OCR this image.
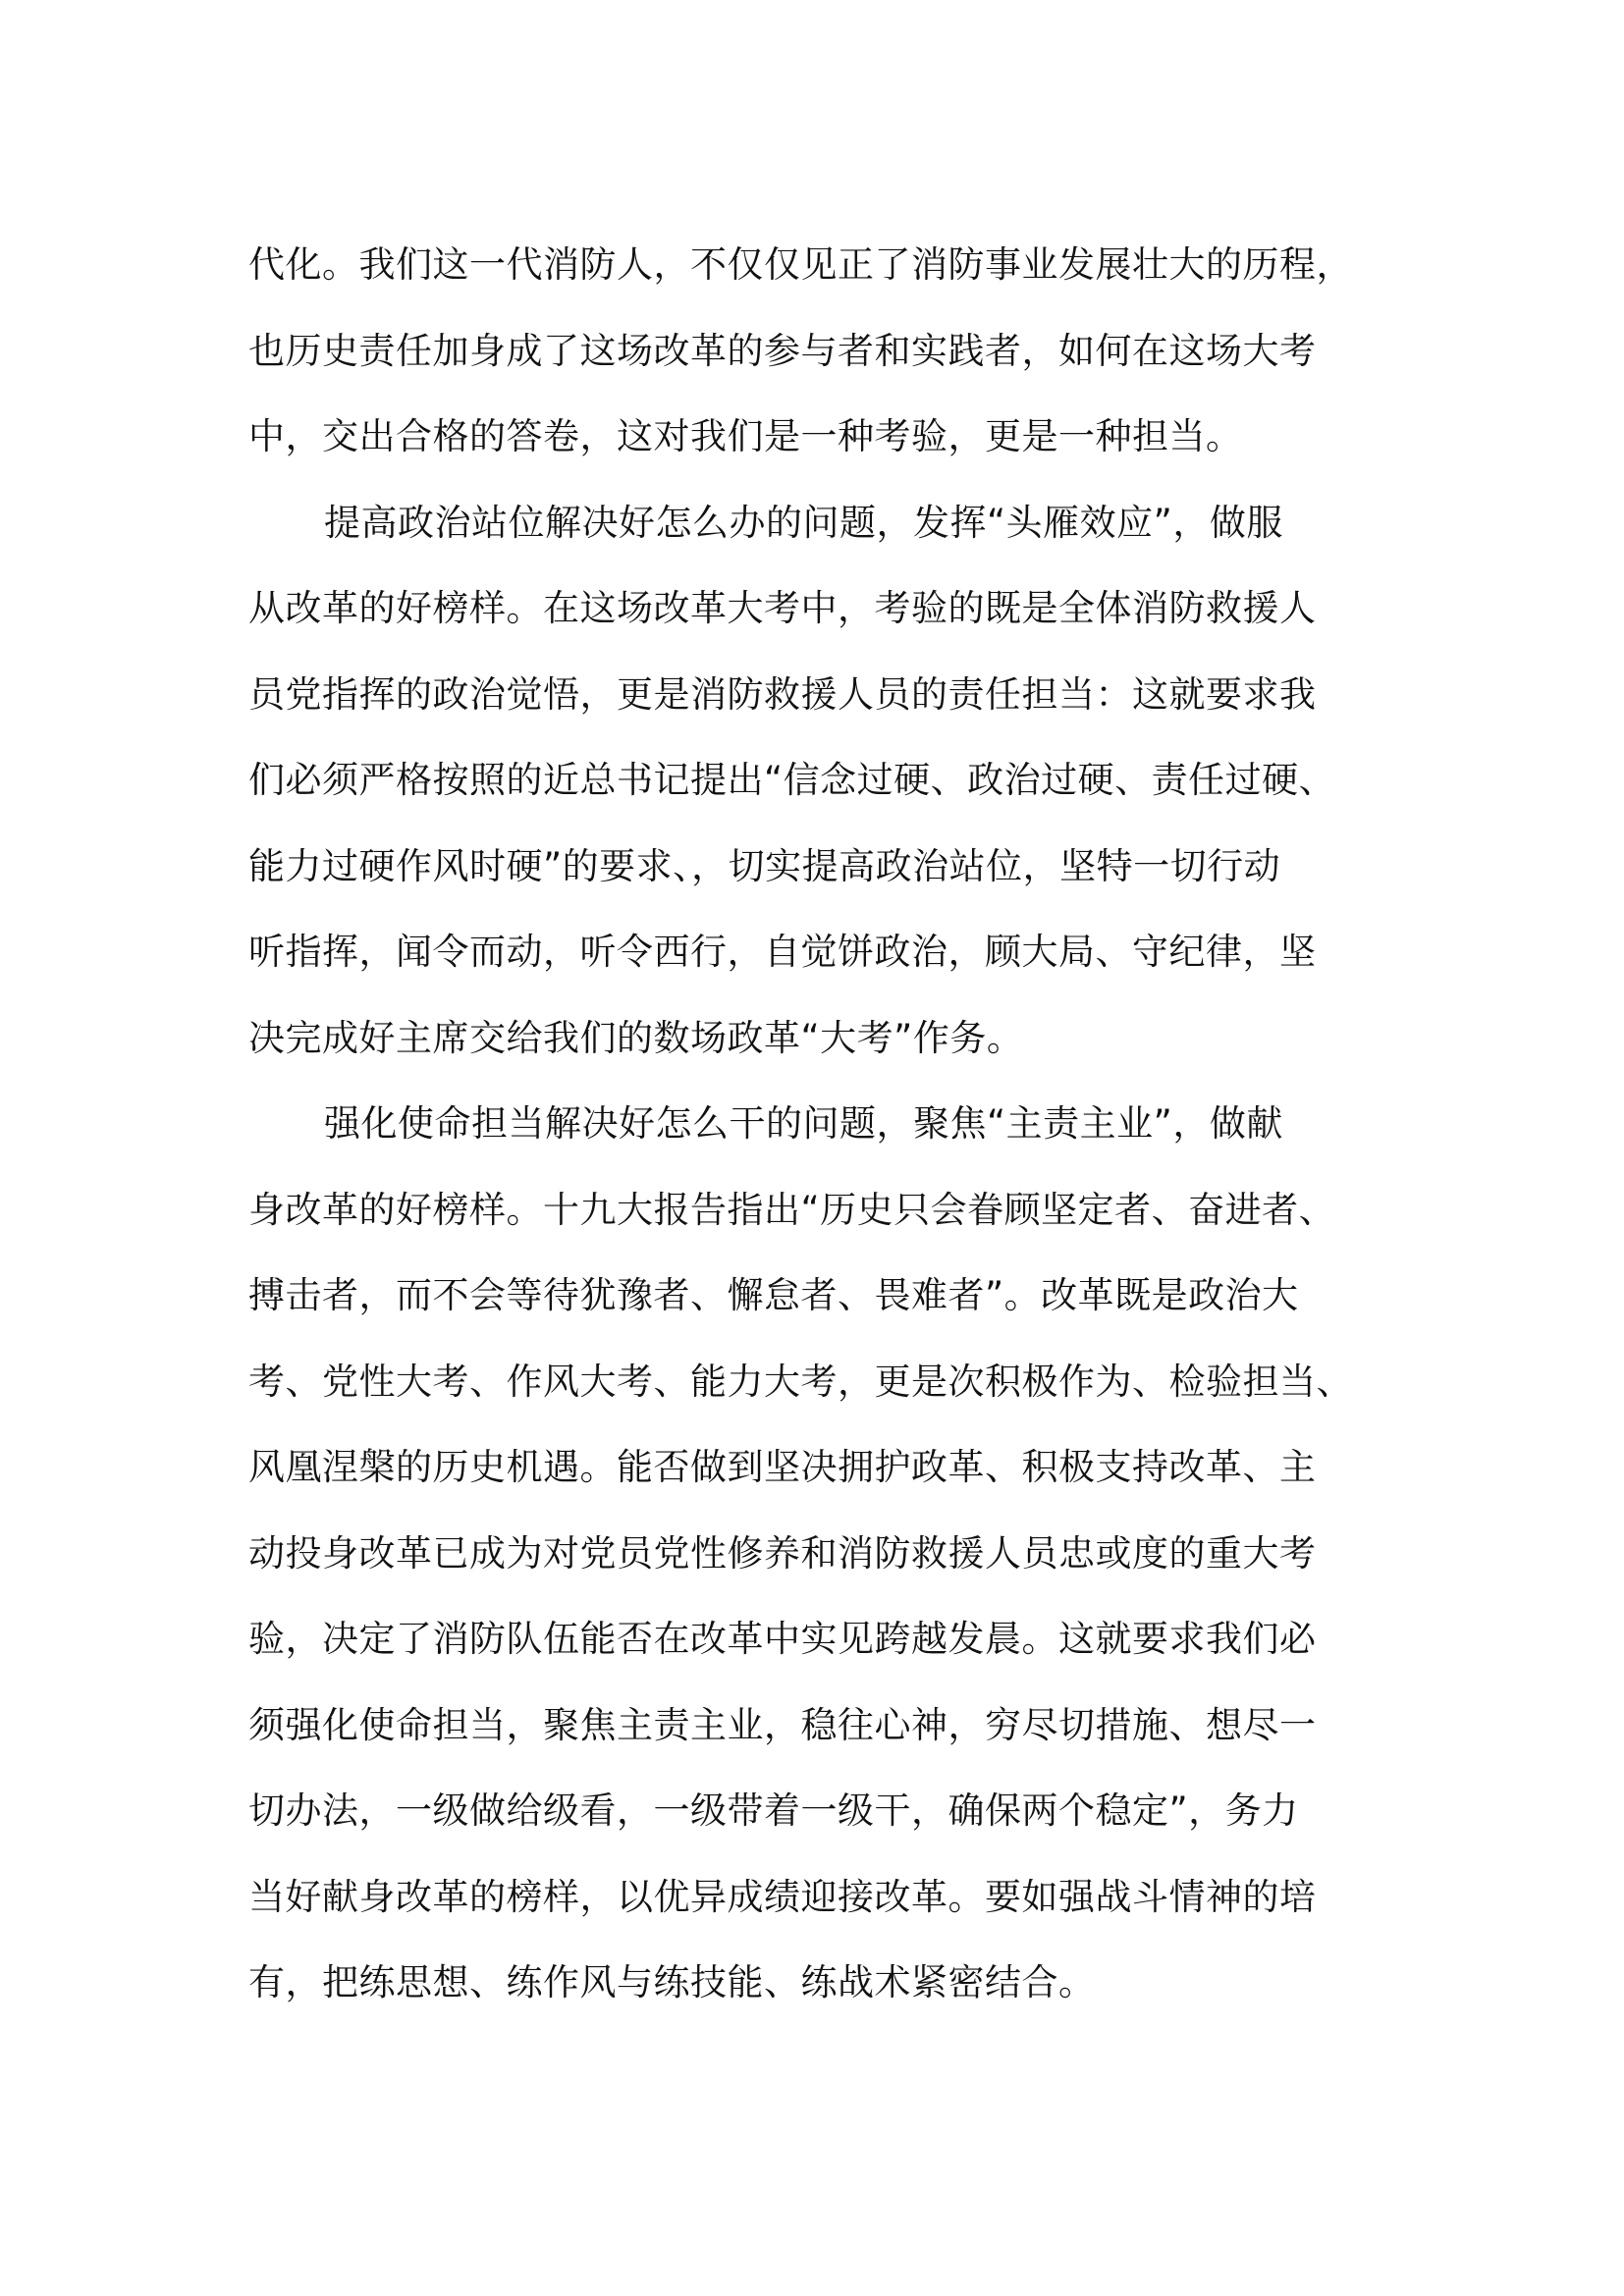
代化。我们这一代消防人，不仅仅见正了消防事业发展壮大的历程，
也历史责任加身成了这场改革的参与者和实践者，如何在这场大考
中，交出合格的答卷，这对我们是一种考验，更是一种担当。

提高政治站位解决好怎么办的问题，发挥“头雁效应”，做服
从改革的好榜样。在这场改革大考中，考验的既是全体消防救援人
员党指挥的政治觉悟，更是消防救援人员的责任担当：这就要求我
们必须严格按照的近总书记提出“信念过硬、政治过硬、责任过硬、
能力过硬作风时硬”的要求、，切实提高政治站位，坚特一切行动
听指挥，闻令而动，听令西行，自觉饼政治，顾大局、守纪律，坚
决完成好主席交给我们的数场政革“大考”作务。

强化使命担当解决好怎么干的问题，聚焦“主责主业”，做献
身改革的好榜样。十九大报告指出“历史只会眷顾坚定者、奋进者、
搏击者，而不会等待犹豫者、懈怠者、畏难者”。改革既是政治大
考、党性大考、作风大考、能力大考，更是次积极作为、检验担当、
风凰涅槃的历史机遇。能否做到坚决拥护政革、积极支持改革、主
动投身改革已成为对党员党性修养和消防救援人员忠或度的重大考
验，决定了消防队伍能否在改革中实见跨越发晨。这就要求我们必
须强化使命担当，聚焦主责主业，稳往心神，穷尽切措施、想尽一
切办法，一级做给级看，一级带着一级干，确保两个稳定”，务力
当好献身改革的榜样，以优异成绩迎接改革。要如强战斗情神的培
有，把练思想、练作风与练技能、练战术紧密结合。
